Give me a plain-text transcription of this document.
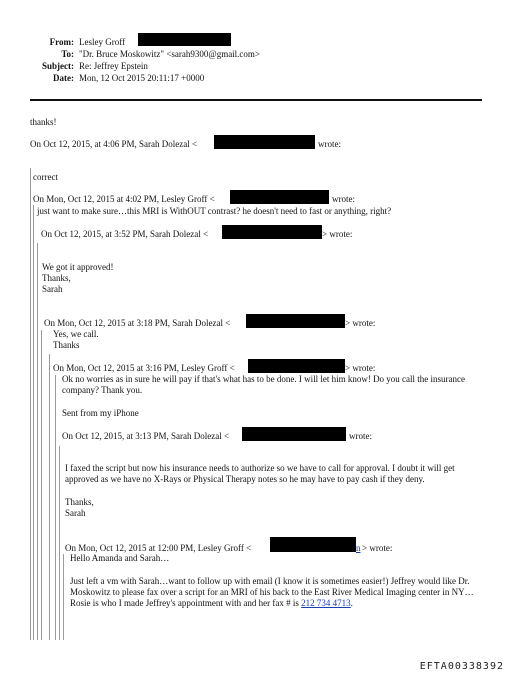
From: Lesley Groff
To: "Dr. Bruce Moskowitz" <sarah9300@gmail.com>
Subject: Re: Jeffrey Epstein
Date: Mon, 12 Oct 2015 20:11:17 +0000
thanks!
On Oct 12, 2015, at 4:06 PM, Sarah Dolezal <	wrote:
correct
On Mon, Oct 12, 2015 at 4:02 PM, Lesley Groff <	wrote:
just want to make sure…this MRI is WithOUT contrast? he doesn't need to fast or anything, right?
On Oct 12, 2015, at 3:52 PM, Sarah Dolezal <	> wrote:
We got it approved!
Thanks,
Sarah
On Mon, Oct 12, 2015 at 3:18 PM, Sarah Dolezal <	> wrote:
Yes, we call.
Thanks
On Mon, Oct 12, 2015 at 3:16 PM, Lesley Groff <	> wrote:
Ok no worries as in sure he will pay if that's what has to be done. I will let him know! Do you call the insurance company? Thank you.
Sent from my iPhone
On Oct 12, 2015, at 3:13 PM, Sarah Dolezal <	wrote:
I faxed the script but now his insurance needs to authorize so we have to call for approval. I doubt it will get approved as we have no X-Rays or Physical Therapy notes so he may have to pay cash if they deny.
Thanks,
Sarah
On Mon, Oct 12, 2015 at 12:00 PM, Lesley Groff <	n > wrote:
Hello Amanda and Sarah…
Just left a vm with Sarah…want to follow up with email (I know it is sometimes easier!) Jeffrey would like Dr. Moskowitz to please fax over a script for an MRI of his back to the East River Medical Imaging center in NY…Rosie is who I made Jeffrey's appointment with and her fax # is 212 734 4713.
EFTA00338392
